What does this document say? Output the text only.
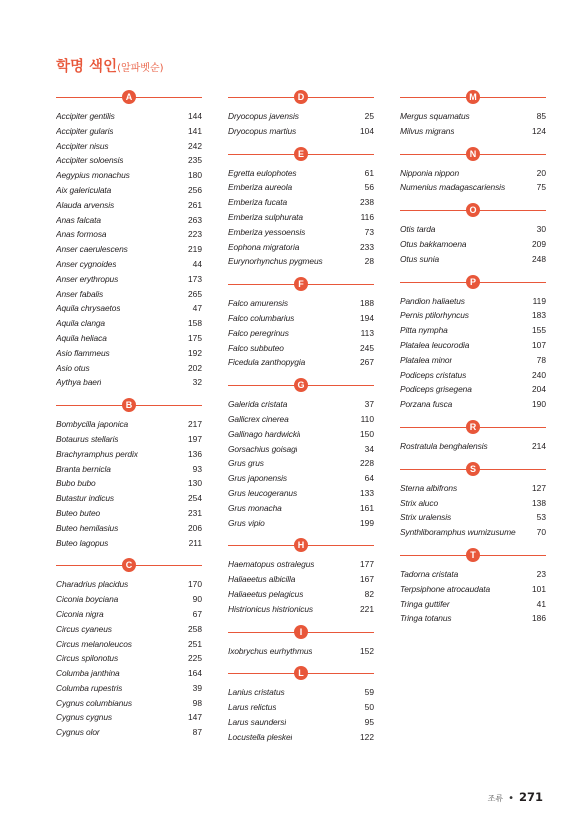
학명 색인(알파벳순)
A
Accipiter gentilis	144
Accipiter gularis	141
Accipiter nisus	242
Accipiter soloensis	235
Aegypius monachus	180
Aix galericulata	256
Alauda arvensis	261
Anas falcata	263
Anas formosa	223
Anser caerulescens	219
Anser cygnoides	44
Anser erythropus	173
Anser fabalis	265
Aquila chrysaetos	47
Aquila clanga	158
Aquila heliaca	175
Asio flammeus	192
Asio otus	202
Aythya baeri	32
B
Bombycilla japonica	217
Botaurus stellaris	197
Brachyramphus perdix	136
Branta bernicla	93
Bubo bubo	130
Butastur indicus	254
Buteo buteo	231
Buteo hemilasius	206
Buteo lagopus	211
C
Charadrius placidus	170
Ciconia boyciana	90
Ciconia nigra	67
Circus cyaneus	258
Circus melanoleucos	251
Circus spilonotus	225
Columba janthina	164
Columba rupestris	39
Cygnus columbianus	98
Cygnus cygnus	147
Cygnus olor	87
D
Dryocopus javensis	25
Dryocopus martius	104
E
Egretta eulophotes	61
Emberiza aureola	56
Emberiza fucata	238
Emberiza sulphurata	116
Emberiza yessoensis	73
Eophona migratoria	233
Eurynorhynchus pygmeus	28
F
Falco amurensis	188
Falco columbarius	194
Falco peregrinus	113
Falco subbuteo	245
Ficedula zanthopygia	267
G
Galerida cristata	37
Gallicrex cinerea	110
Gallinago hardwickii	150
Gorsachius goisagi	34
Grus grus	228
Grus japonensis	64
Grus leucogeranus	133
Grus monacha	161
Grus vipio	199
H
Haematopus ostralegus	177
Haliaeetus albicilla	167
Haliaeetus pelagicus	82
Histrionicus histrionicus	221
I
Ixobrychus eurhythmus	152
L
Lanius cristatus	59
Larus relictus	50
Larus saundersi	95
Locustella pleskei	122
M
Mergus squamatus	85
Milvus migrans	124
N
Nipponia nippon	20
Numenius madagascariensis	75
O
Otis tarda	30
Otus bakkamoena	209
Otus sunia	248
P
Pandion haliaetus	119
Pernis ptilorhyncus	183
Pitta nympha	155
Platalea leucorodia	107
Platalea minor	78
Podiceps cristatus	240
Podiceps grisegena	204
Porzana fusca	190
R
Rostratula benghalensis	214
S
Sterna albifrons	127
Strix aluco	138
Strix uralensis	53
Synthliboramphus wumizusume	70
T
Tadorna cristata	23
Terpsiphone atrocaudata	101
Tringa guttifer	41
Tringa totanus	186
조류 • 271
